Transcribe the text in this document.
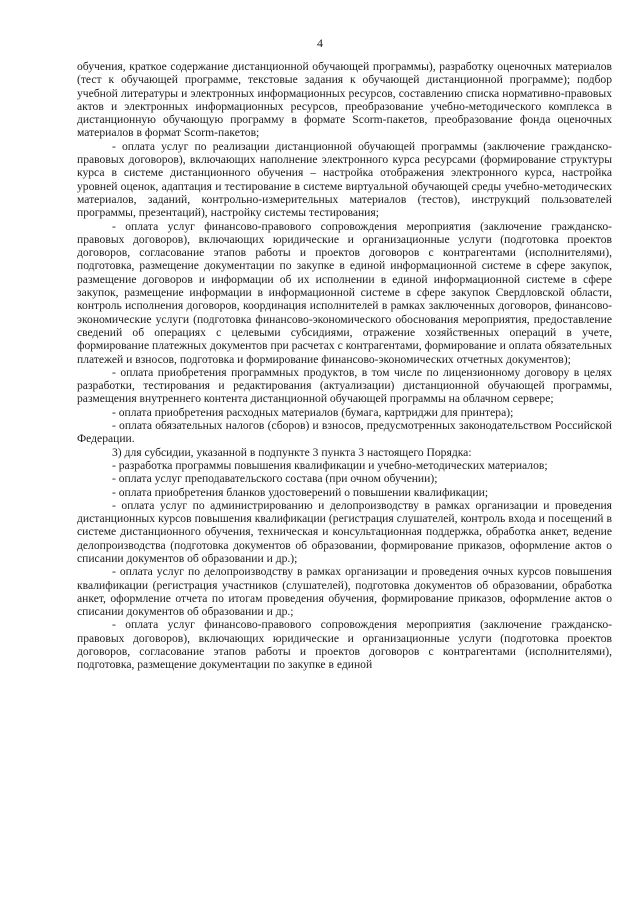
4

обучения, краткое содержание дистанционной обучающей программы), разработку оценочных материалов (тест к обучающей программе, текстовые задания к обучающей дистанционной программе); подбор учебной литературы и электронных информационных ресурсов, составлению списка нормативно-правовых актов и электронных информационных ресурсов, преобразование учебно-методического комплекса в дистанционную обучающую программу в формате Scorm-пакетов, преобразование фонда оценочных материалов в формат Scorm-пакетов;

- оплата услуг по реализации дистанционной обучающей программы (заключение гражданско-правовых договоров), включающих наполнение электронного курса ресурсами (формирование структуры курса в системе дистанционного обучения – настройка отображения электронного курса, настройка уровней оценок, адаптация и тестирование в системе виртуальной обучающей среды учебно-методических материалов, заданий, контрольно-измерительных материалов (тестов), инструкций пользователей программы, презентаций), настройку системы тестирования;

- оплата услуг финансово-правового сопровождения мероприятия (заключение гражданско-правовых договоров), включающих юридические и организационные услуги (подготовка проектов договоров, согласование этапов работы и проектов договоров с контрагентами (исполнителями), подготовка, размещение документации по закупке в единой информационной системе в сфере закупок, размещение договоров и информации об их исполнении в единой информационной системе в сфере закупок, размещение информации в информационной системе в сфере закупок Свердловской области, контроль исполнения договоров, координация исполнителей в рамках заключенных договоров, финансово-экономические услуги (подготовка финансово-экономического обоснования мероприятия, предоставление сведений об операциях с целевыми субсидиями, отражение хозяйственных операций в учете, формирование платежных документов при расчетах с контрагентами, формирование и оплата обязательных платежей и взносов, подготовка и формирование финансово-экономических отчетных документов);

- оплата приобретения программных продуктов, в том числе по лицензионному договору в целях разработки, тестирования и редактирования (актуализации) дистанционной обучающей программы, размещения внутреннего контента дистанционной обучающей программы на облачном сервере;

- оплата приобретения расходных материалов (бумага, картриджи для принтера);

- оплата обязательных налогов (сборов) и взносов, предусмотренных законодательством Российской Федерации.

3) для субсидии, указанной в подпункте 3 пункта 3 настоящего Порядка:

- разработка программы повышения квалификации и учебно-методических материалов;

- оплата услуг преподавательского состава (при очном обучении);

- оплата приобретения бланков удостоверений о повышении квалификации;

- оплата услуг по администрированию и делопроизводству в рамках организации и проведения дистанционных курсов повышения квалификации (регистрация слушателей, контроль входа и посещений в системе дистанционного обучения, техническая и консультационная поддержка, обработка анкет, ведение делопроизводства (подготовка документов об образовании, формирование приказов, оформление актов о списании документов об образовании и др.);

- оплата услуг по делопроизводству в рамках организации и проведения очных курсов повышения квалификации (регистрация участников (слушателей), подготовка документов об образовании, обработка анкет, оформление отчета по итогам проведения обучения, формирование приказов, оформление актов о списании документов об образовании и др.;

- оплата услуг финансово-правового сопровождения мероприятия (заключение гражданско-правовых договоров), включающих юридические и организационные услуги (подготовка проектов договоров, согласование этапов работы и проектов договоров с контрагентами (исполнителями), подготовка, размещение документации по закупке в единой
